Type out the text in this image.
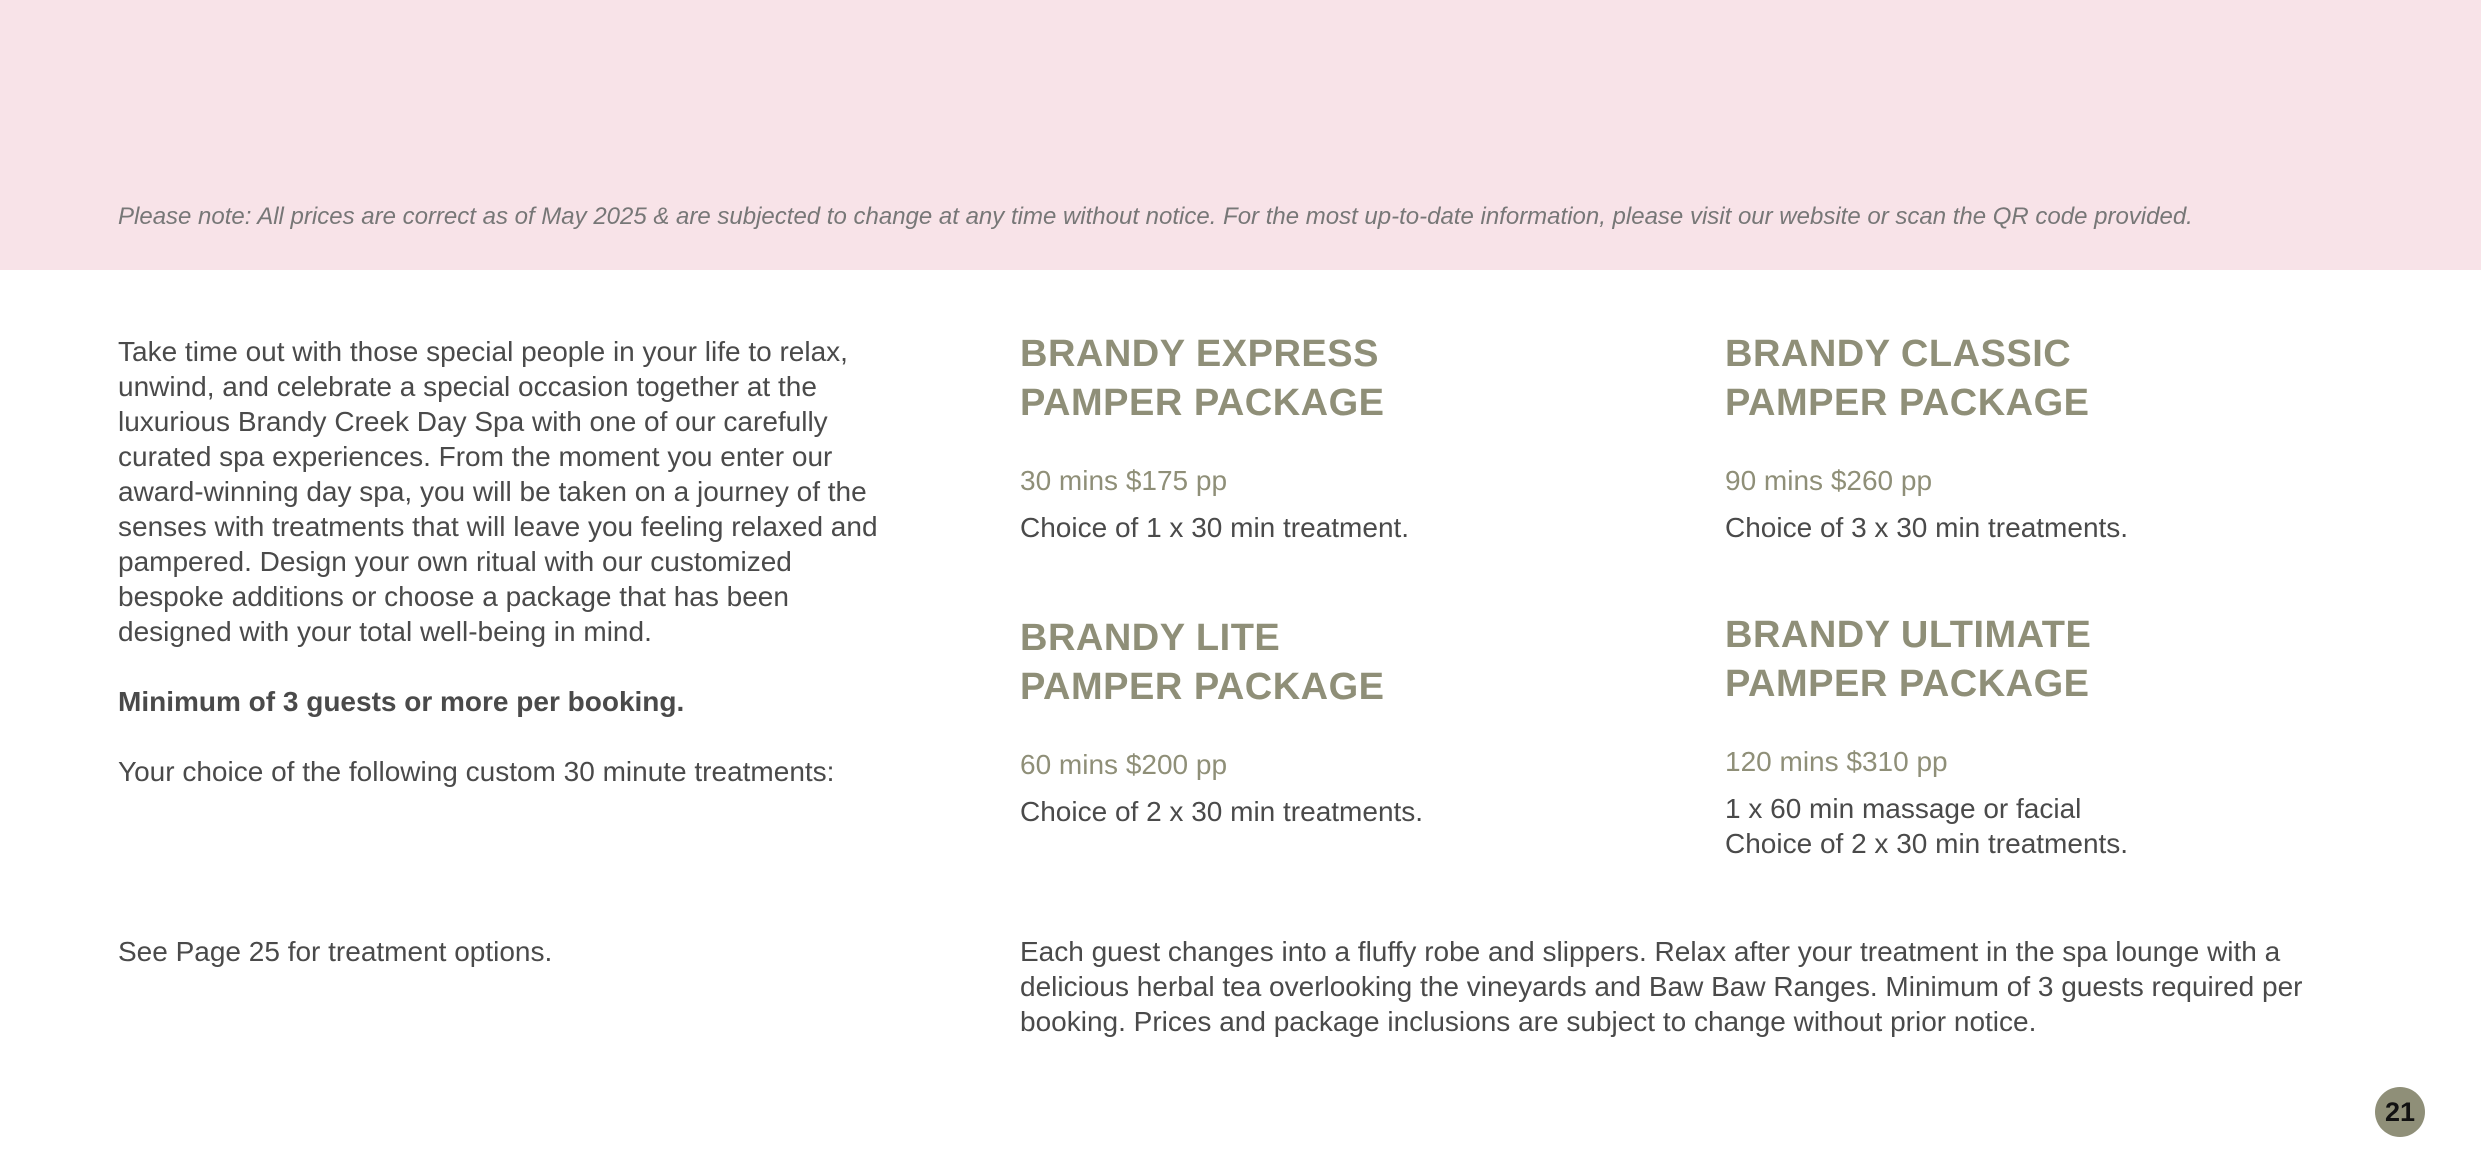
Please note: All prices are correct as of May 2025 & are subjected to change at any time without notice. For the most up-to-date information, please visit our website or scan the QR code provided.

Take time out with those special people in your life to relax, unwind, and celebrate a special occasion together at the luxurious Brandy Creek Day Spa with one of our carefully curated spa experiences. From the moment you enter our award-winning day spa, you will be taken on a journey of the senses with treatments that will leave you feeling relaxed and pampered. Design your own ritual with our customized bespoke additions or choose a package that has been designed with your total well-being in mind.

Minimum of 3 guests or more per booking.

Your choice of the following custom 30 minute treatments:

See Page 25 for treatment options.
BRANDY EXPRESS
PAMPER PACKAGE
30 mins $175 pp
Choice of 1 x 30 min treatment.
BRANDY CLASSIC
PAMPER PACKAGE
90 mins $260 pp
Choice of 3 x 30 min treatments.
BRANDY LITE
PAMPER PACKAGE
60 mins $200 pp
Choice of 2 x 30 min treatments.
BRANDY ULTIMATE
PAMPER PACKAGE
120 mins $310 pp
1 x 60 min massage or facial
Choice of 2 x 30 min treatments.
Each guest changes into a fluffy robe and slippers. Relax after your treatment in the spa lounge with a delicious herbal tea overlooking the vineyards and Baw Baw Ranges. Minimum of 3 guests required per booking. Prices and package inclusions are subject to change without prior notice.
21
